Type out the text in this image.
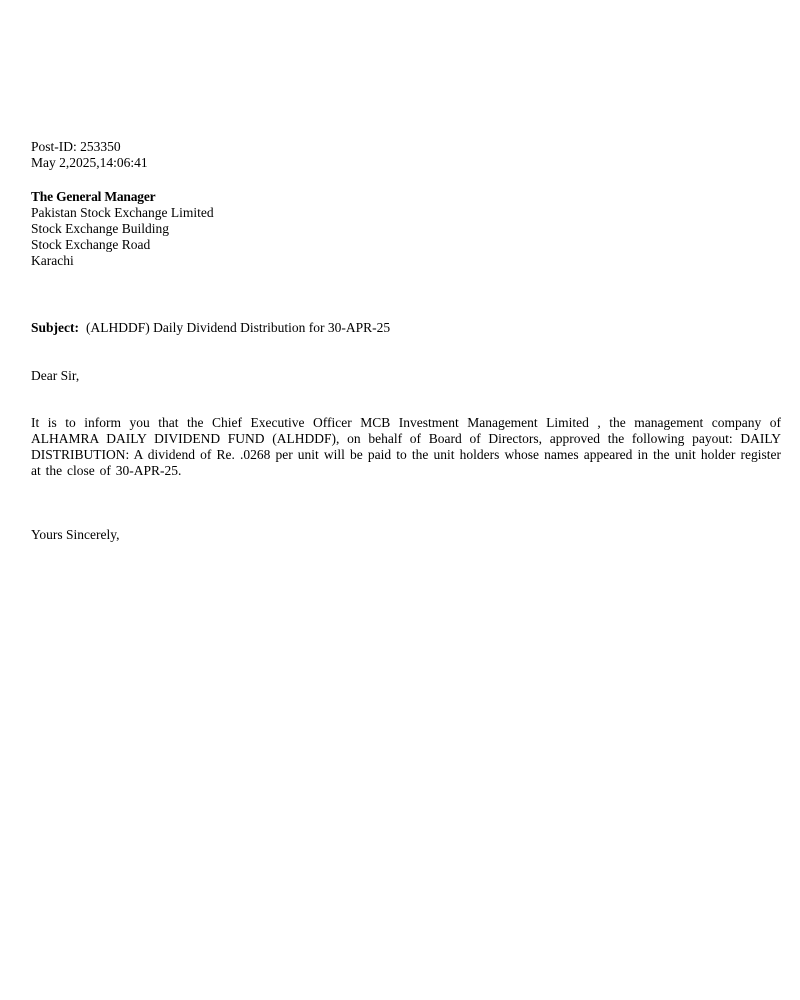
Post-ID: 253350
May 2,2025,14:06:41
The General Manager
Pakistan Stock Exchange Limited
Stock Exchange Building
Stock Exchange Road
Karachi
Subject: (ALHDDF) Daily Dividend Distribution for 30-APR-25
Dear Sir,
It is to inform you that the Chief Executive Officer MCB Investment Management Limited , the management company of ALHAMRA DAILY DIVIDEND FUND (ALHDDF), on behalf of Board of Directors, approved the following payout: DAILY DISTRIBUTION: A dividend of Re. .0268 per unit will be paid to the unit holders whose names appeared in the unit holder register at the close of 30-APR-25.
Yours Sincerely,
